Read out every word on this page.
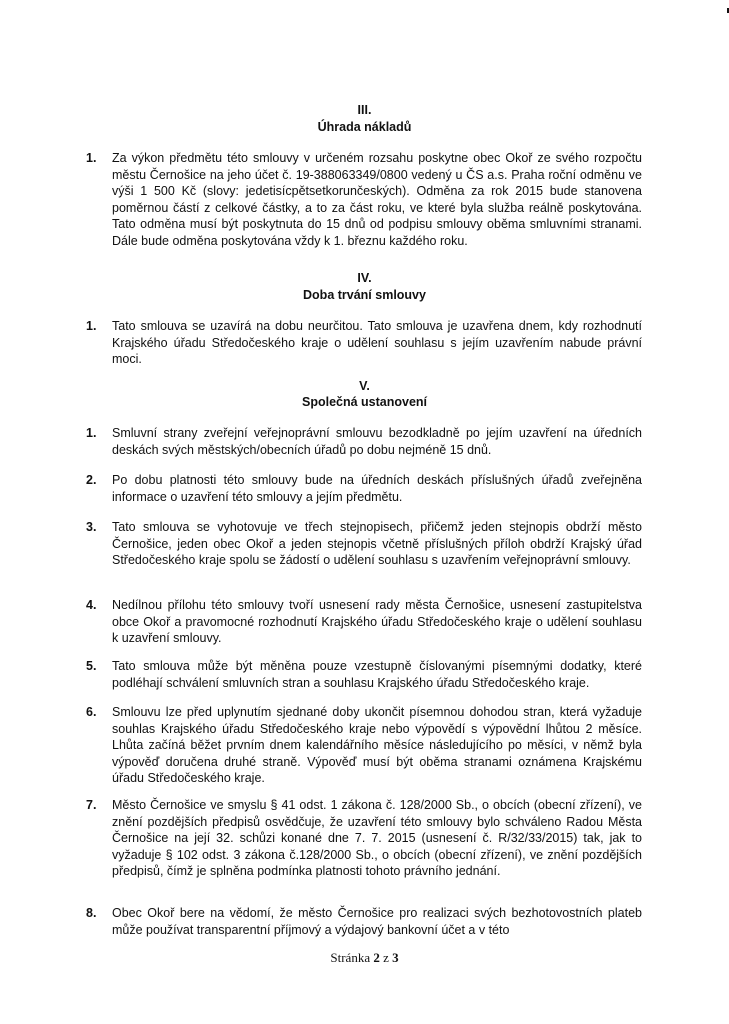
III.
Úhrada nákladů
1. Za výkon předmětu této smlouvy v určeném rozsahu poskytne obec Okoř ze svého rozpočtu městu Černošice na jeho účet č. 19-388063349/0800 vedený u ČS a.s. Praha roční odměnu ve výši 1 500 Kč (slovy: jedetisícpětsetkorunčeských). Odměna za rok 2015 bude stanovena poměrnou částí z celkové částky, a to za část roku, ve které byla služba reálně poskytována. Tato odměna musí být poskytnuta do 15 dnů od podpisu smlouvy oběma smluvními stranami. Dále bude odměna poskytována vždy k 1. březnu každého roku.
IV.
Doba trvání smlouvy
1. Tato smlouva se uzavírá na dobu neurčitou. Tato smlouva je uzavřena dnem, kdy rozhodnutí Krajského úřadu Středočeského kraje o udělení souhlasu s jejím uzavřením nabude právní moci.
V.
Společná ustanovení
1. Smluvní strany zveřejní veřejnoprávní smlouvu bezodkladně po jejím uzavření na úředních deskách svých městských/obecních úřadů po dobu nejméně 15 dnů.
2. Po dobu platnosti této smlouvy bude na úředních deskách příslušných úřadů zveřejněna informace o uzavření této smlouvy a jejím předmětu.
3. Tato smlouva se vyhotovuje ve třech stejnopisech, přičemž jeden stejnopis obdrží město Černošice, jeden obec Okoř a jeden stejnopis včetně příslušných příloh obdrží Krajský úřad Středočeského kraje spolu se žádostí o udělení souhlasu s uzavřením veřejnoprávní smlouvy.
4. Nedílnou přílohu této smlouvy tvoří usnesení rady města Černošice, usnesení zastupitelstva obce Okoř a pravomocné rozhodnutí Krajského úřadu Středočeského kraje o udělení souhlasu k uzavření smlouvy.
5. Tato smlouva může být měněna pouze vzestupně číslovanými písemnými dodatky, které podléhají schválení smluvních stran a souhlasu Krajského úřadu Středočeského kraje.
6. Smlouvu lze před uplynutím sjednané doby ukončit písemnou dohodou stran, která vyžaduje souhlas Krajského úřadu Středočeského kraje nebo výpovědí s výpovědní lhůtou 2 měsíce. Lhůta začíná běžet prvním dnem kalendářního měsíce následujícího po měsíci, v němž byla výpověď doručena druhé straně. Výpověď musí být oběma stranami oznámena Krajskému úřadu Středočeského kraje.
7. Město Černošice ve smyslu § 41 odst. 1 zákona č. 128/2000 Sb., o obcích (obecní zřízení), ve znění pozdějších předpisů osvědčuje, že uzavření této smlouvy bylo schváleno Radou Města Černošice na její 32. schůzi konané dne 7. 7. 2015 (usnesení č. R/32/33/2015) tak, jak to vyžaduje § 102 odst. 3 zákona č.128/2000 Sb., o obcích (obecní zřízení), ve znění pozdějších předpisů, čímž je splněna podmínka platnosti tohoto právního jednání.
8. Obec Okoř bere na vědomí, že město Černošice pro realizaci svých bezhotovostních plateb může používat transparentní příjmový a výdajový bankovní účet a v této
Stránka 2 z 3
